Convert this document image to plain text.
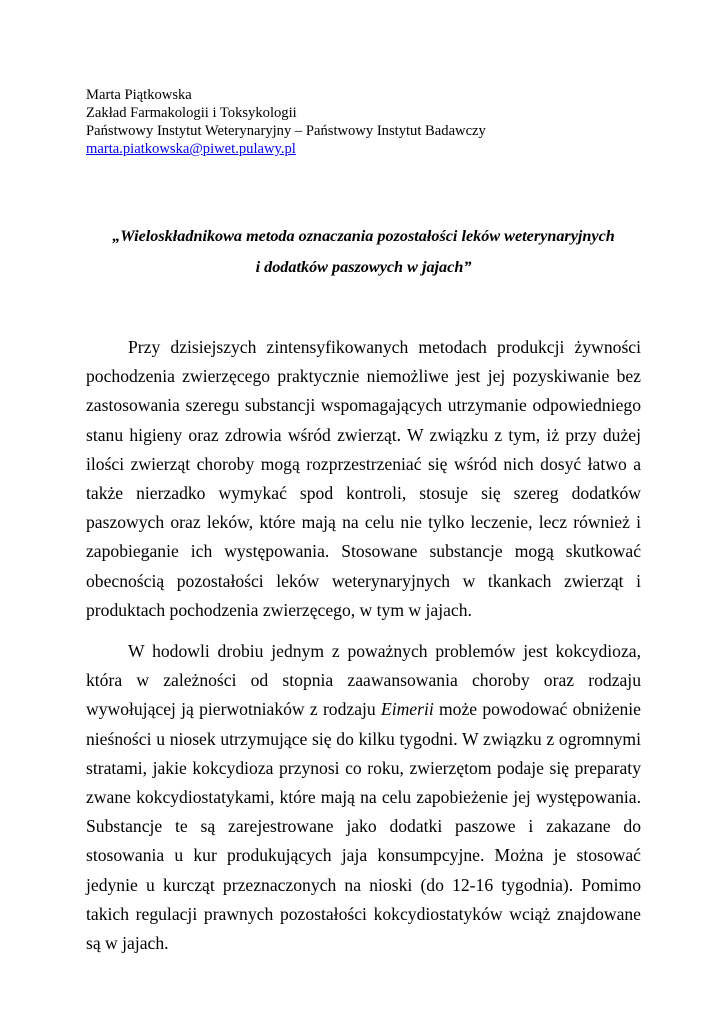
Marta Piątkowska
Zakład Farmakologii i Toksykologii
Państwowy Instytut Weterynaryjny – Państwowy Instytut Badawczy
marta.piatkowska@piwet.pulawy.pl
„Wieloskładnikowa metoda oznaczania pozostałości leków weterynaryjnych
i dodatków paszowych w jajach”

Przy dzisiejszych zintensyfikowanych metodach produkcji żywności pochodzenia zwierzęcego praktycznie niemożliwe jest jej pozyskiwanie bez zastosowania szeregu substancji wspomagających utrzymanie odpowiedniego stanu higieny oraz zdrowia wśród zwierząt. W związku z tym, iż przy dużej ilości zwierząt choroby mogą rozprzestrzeniać się wśród nich dosyć łatwo a także nierzadko wymykać spod kontroli, stosuje się szereg dodatków paszowych oraz leków, które mają na celu nie tylko leczenie, lecz również i zapobieganie ich występowania. Stosowane substancje mogą skutkować obecnością pozostałości leków weterynaryjnych w tkankach zwierząt i produktach pochodzenia zwierzęcego, w tym w jajach.

W hodowli drobiu jednym z poważnych problemów jest kokcydioza, która w zależności od stopnia zaawansowania choroby oraz rodzaju wywołującej ją pierwotniaków z rodzaju Eimerii może powodować obniżenie nieśności u niosek utrzymujące się do kilku tygodni. W związku z ogromnymi stratami, jakie kokcydioza przynosi co roku, zwierzętom podaje się preparaty zwane kokcydiostatykami, które mają na celu zapobieżenie jej występowania. Substancje te są zarejestrowane jako dodatki paszowe i zakazane do stosowania u kur produkujących jaja konsumpcyjne. Można je stosować jedynie u kurcząt przeznaczonych na nioski (do 12-16 tygodnia). Pomimo takich regulacji prawnych pozostałości kokcydiostatyków wciąż znajdowane są w jajach.
